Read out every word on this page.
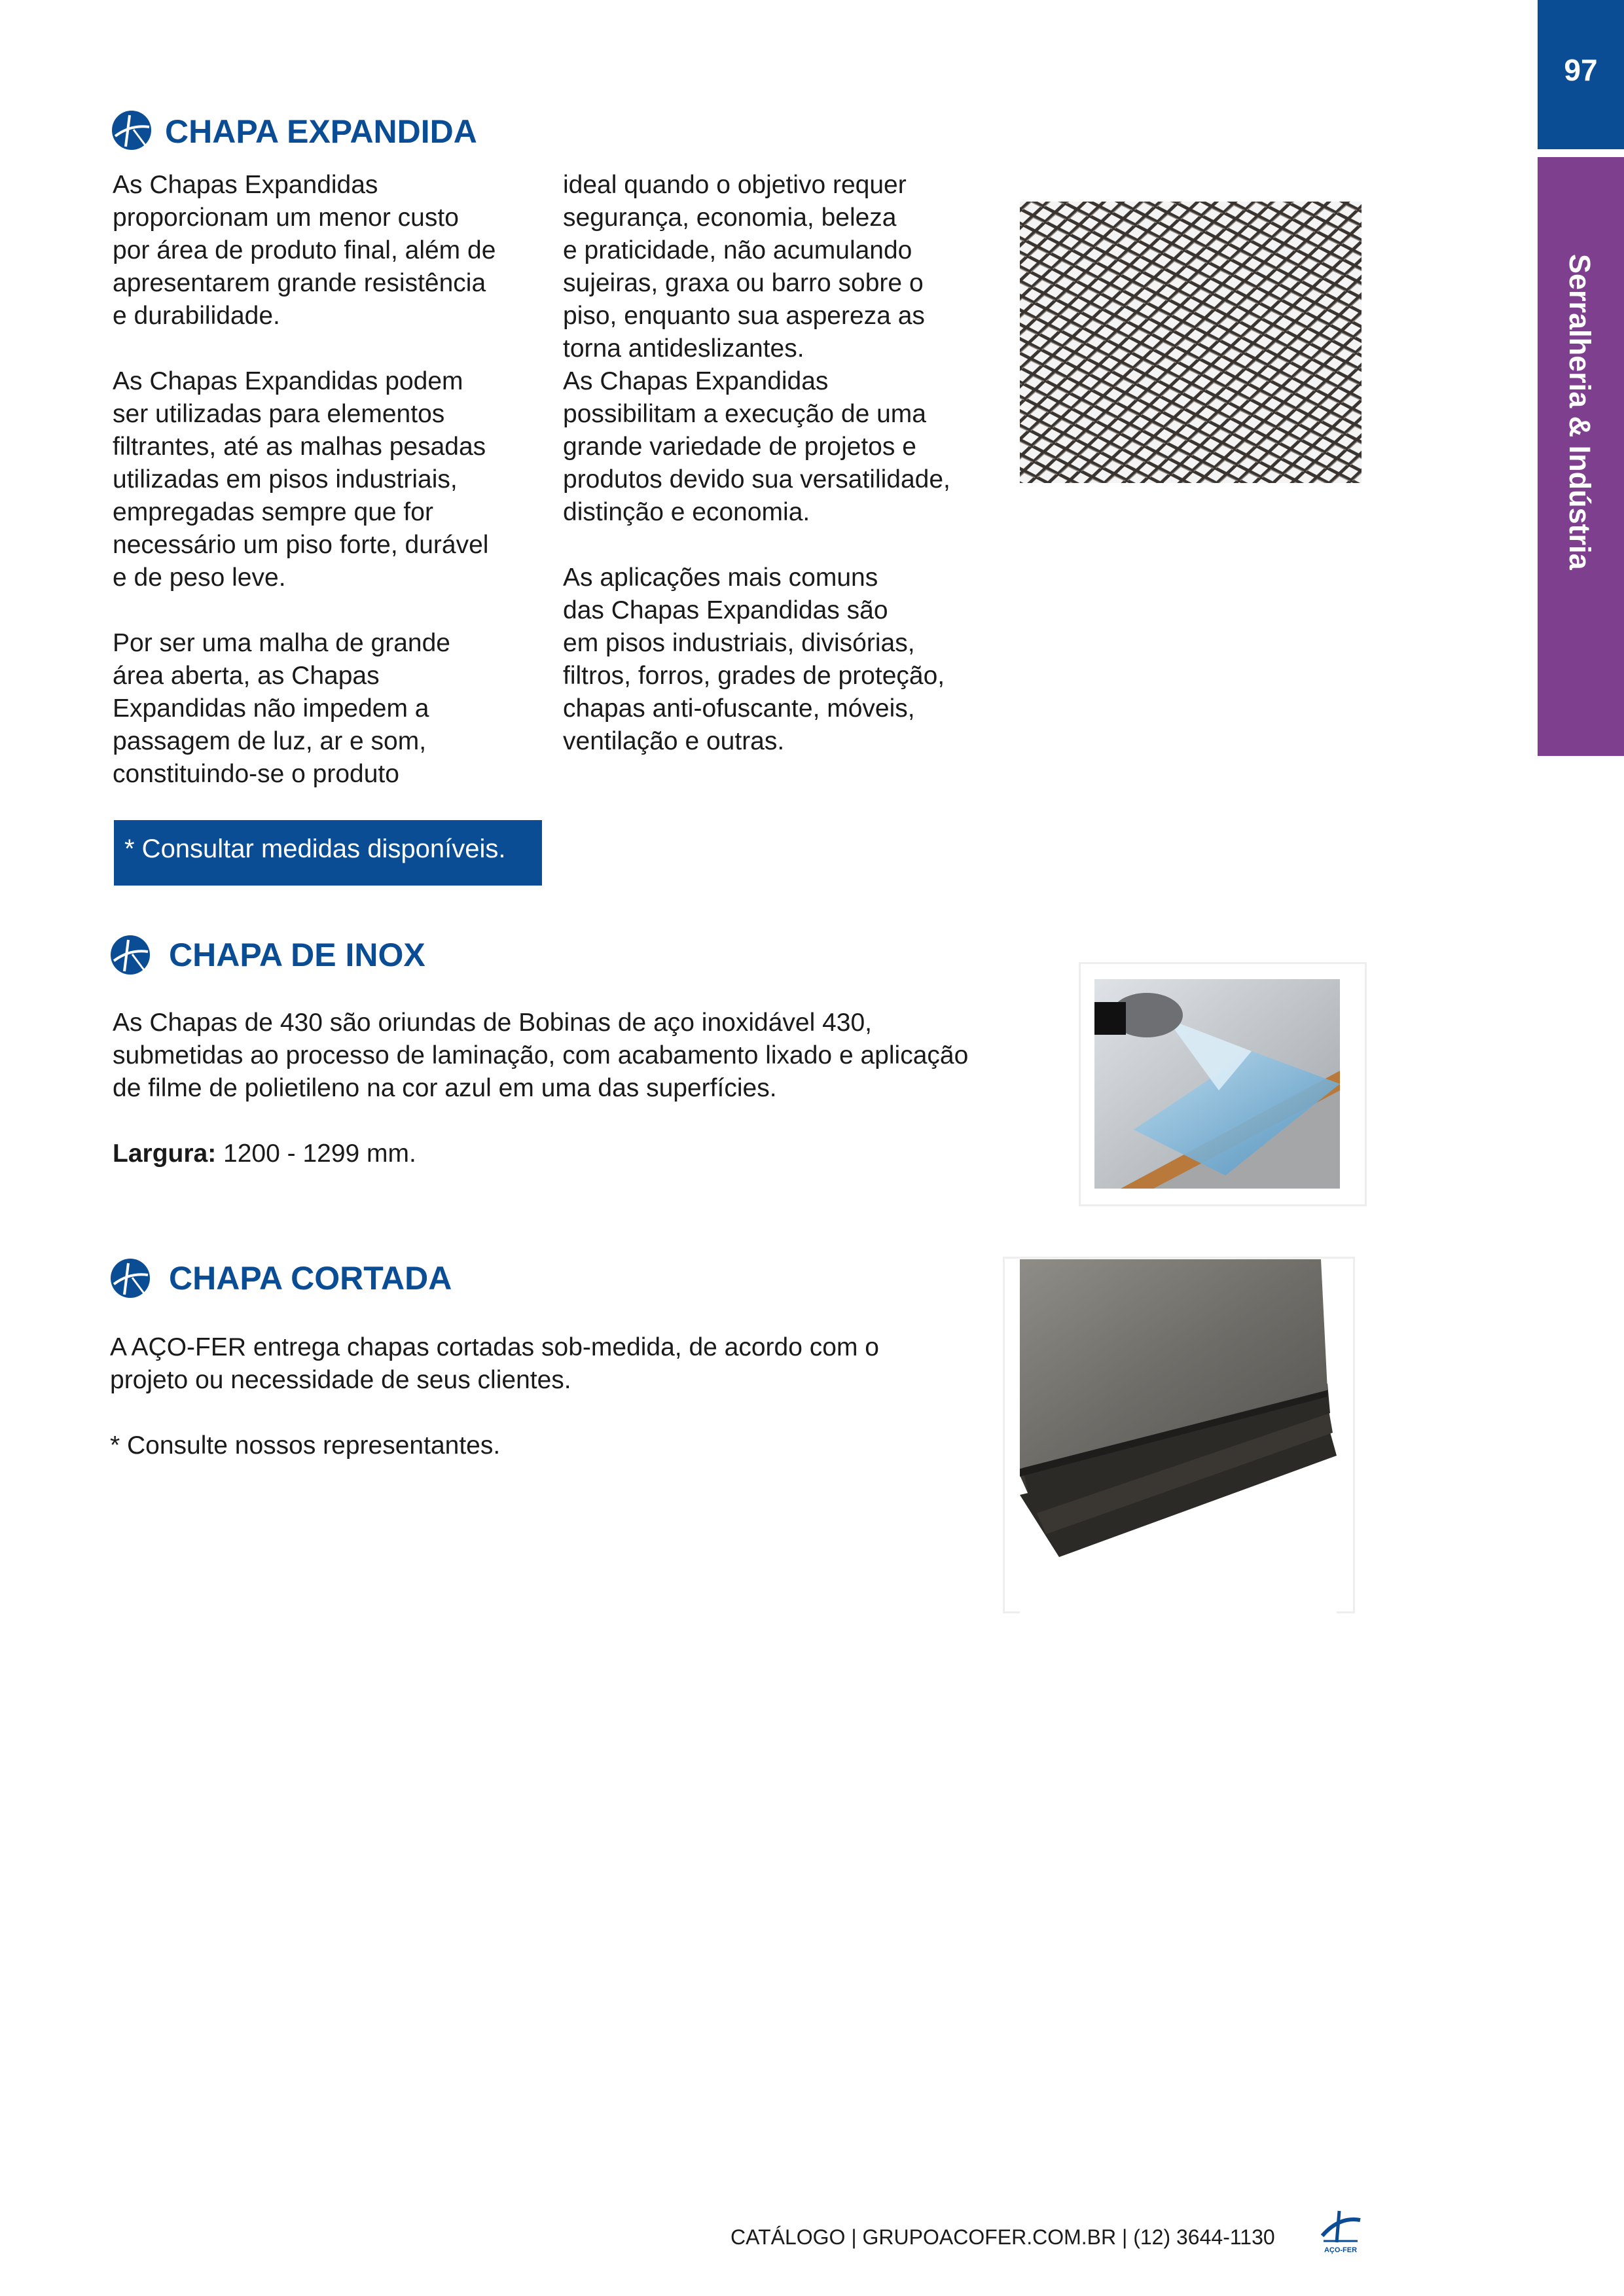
97
Serralheria & Indústria
CHAPA EXPANDIDA
As Chapas Expandidas
proporcionam um menor custo
por área de produto final, além de
apresentarem grande resistência
e durabilidade.

As Chapas Expandidas podem
ser utilizadas para elementos
filtrantes, até as malhas pesadas
utilizadas em pisos industriais,
empregadas sempre que for
necessário um piso forte, durável
e de peso leve.

Por ser uma malha de grande
área aberta, as Chapas
Expandidas não impedem a
passagem de luz, ar e som,
constituindo-se o produto
ideal quando o objetivo requer
segurança, economia, beleza
e praticidade, não acumulando
sujeiras, graxa ou barro sobre o
piso, enquanto sua aspereza as
torna antideslizantes.
As Chapas Expandidas
possibilitam a execução de uma
grande variedade de projetos e
produtos devido sua versatilidade,
distinção e economia.

As aplicações mais comuns
das Chapas Expandidas são
em pisos industriais, divisórias,
filtros, forros, grades de proteção,
chapas anti-ofuscante, móveis,
ventilação e outras.
* Consultar medidas disponíveis.
CHAPA DE INOX
As Chapas de 430 são oriundas de Bobinas de aço inoxidável 430,
submetidas ao processo de laminação, com acabamento lixado e aplicação
de filme de polietileno na cor azul em uma das superfícies.
Largura: 1200 - 1299 mm.
CHAPA CORTADA
A AÇO-FER entrega chapas cortadas sob-medida, de acordo com o
projeto ou necessidade de seus clientes.

* Consulte nossos representantes.
CATÁLOGO | GRUPOACOFER.COM.BR | (12) 3644-1130
AÇO-FER
